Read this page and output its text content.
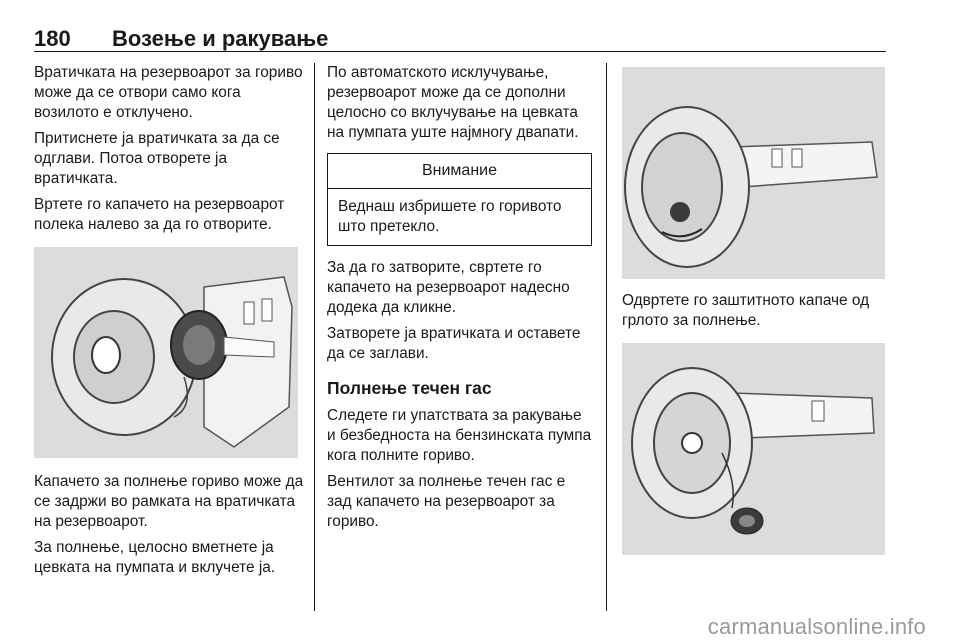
180 Возење и ракување

Вратичката на резервоарот за гориво може да се отвори само кога возилото е отклучено.

Притиснете ја вратичката за да се одглави. Потоа отворете ја вратичката.

Вртете го капачето на резервоарот полека налево за да го отворите.

Капачето за полнење гориво може да се задржи во рамката на вратичката на резервоарот.

За полнење, целосно вметнете ја цевката на пумпата и вклучете ја.

По автоматското исклучување, резервоарот може да се дополни целосно со вклучување на цевката на пумпата уште најмногу двапати.

Внимание
Веднаш избришете го горивото што претекло.

За да го затворите, свртете го капачето на резервоарот надесно додека да кликне.

Затворете ја вратичката и оставете да се заглави.

Полнење течен гас

Следете ги упатствата за ракување и безбедноста на бензинската пумпа кога полните гориво.

Вентилот за полнење течен гас е зад капачето на резервоарот за гориво.

Одвртете го заштитното капаче од грлото за полнење.

carmanualsonline.info
